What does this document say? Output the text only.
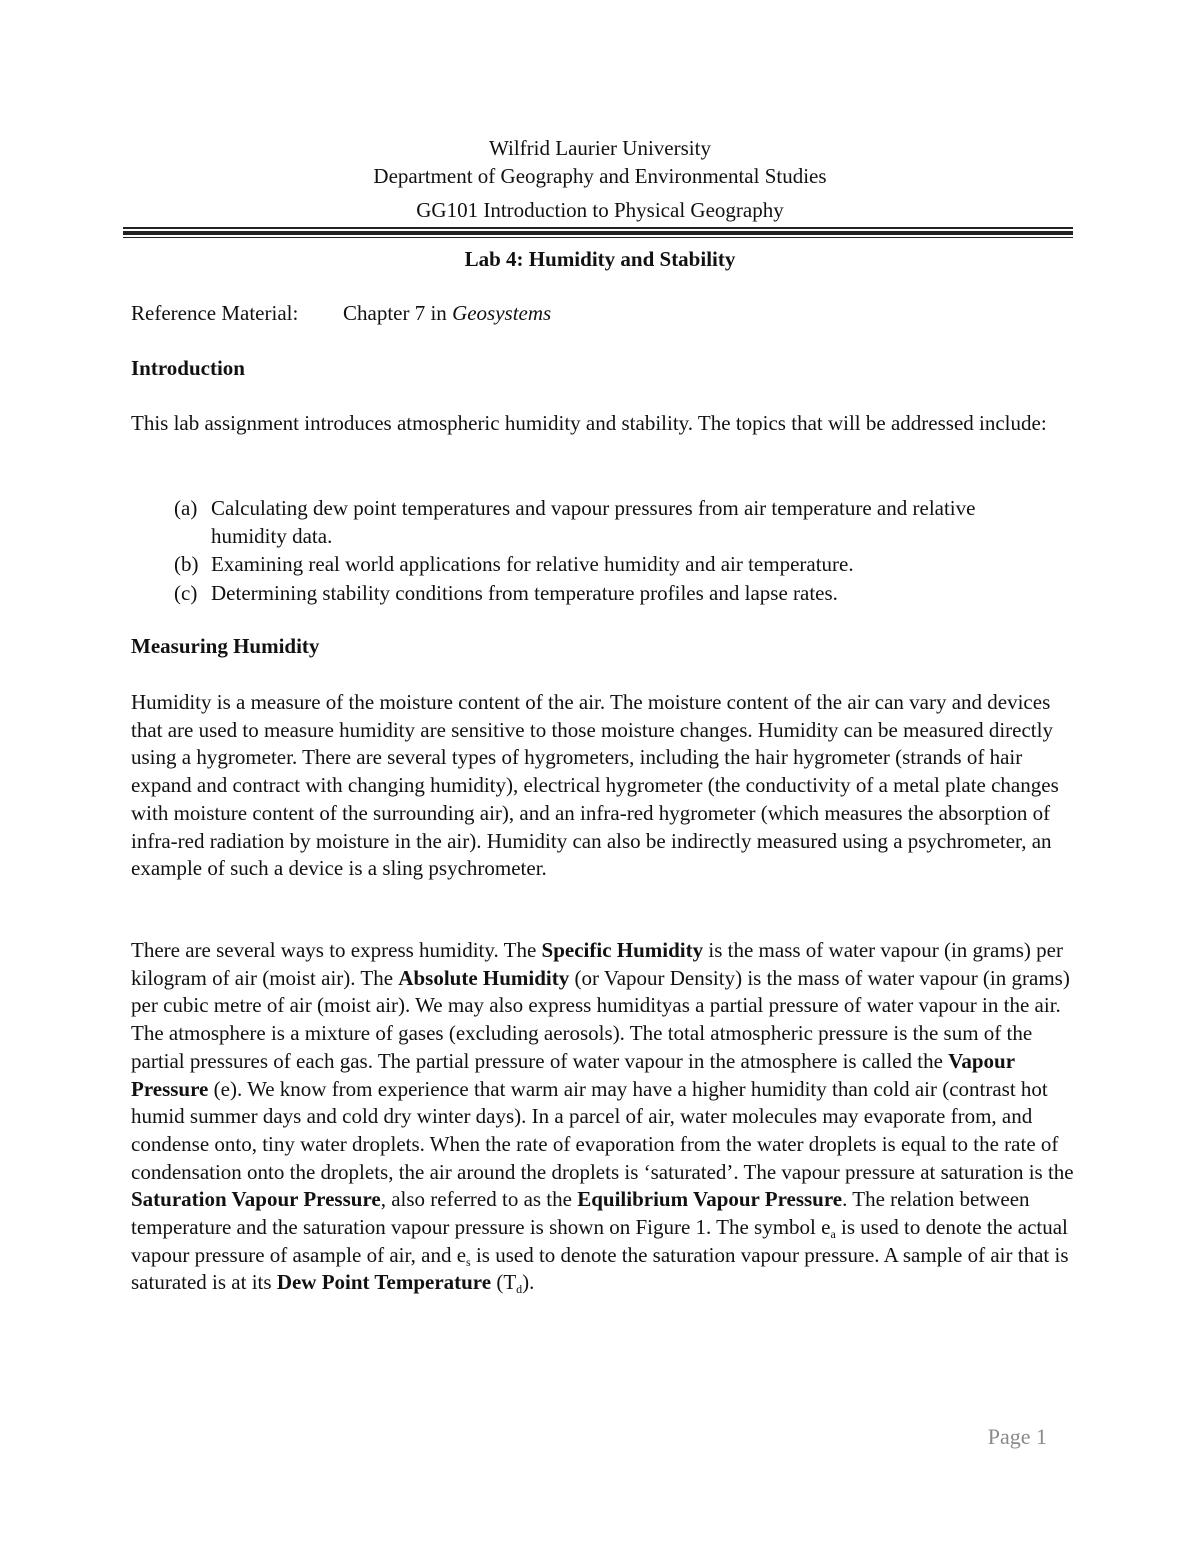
Wilfrid Laurier University
Department of Geography and Environmental Studies
GG101 Introduction to Physical Geography
Lab 4: Humidity and Stability
Reference Material: Chapter 7 in Geosystems
Introduction

This lab assignment introduces atmospheric humidity and stability. The topics that will be addressed include:

(a) Calculating dew point temperatures and vapour pressures from air temperature and relative humidity data.
(b) Examining real world applications for relative humidity and air temperature.
(c) Determining stability conditions from temperature profiles and lapse rates.
Measuring Humidity

Humidity is a measure of the moisture content of the air. The moisture content of the air can vary and devices that are used to measure humidity are sensitive to those moisture changes. Humidity can be measured directly using a hygrometer. There are several types of hygrometers, including the hair hygrometer (strands of hair expand and contract with changing humidity), electrical hygrometer (the conductivity of a metal plate changes with moisture content of the surrounding air), and an infra-red hygrometer (which measures the absorption of infra-red radiation by moisture in the air). Humidity can also be indirectly measured using a psychrometer, an example of such a device is a sling psychrometer.

There are several ways to express humidity. The Specific Humidity is the mass of water vapour (in grams) per kilogram of air (moist air). The Absolute Humidity (or Vapour Density) is the mass of water vapour (in grams) per cubic metre of air (moist air). We may also express humidityas a partial pressure of water vapour in the air. The atmosphere is a mixture of gases (excluding aerosols). The total atmospheric pressure is the sum of the partial pressures of each gas. The partial pressure of water vapour in the atmosphere is called the Vapour Pressure (e). We know from experience that warm air may have a higher humidity than cold air (contrast hot humid summer days and cold dry winter days). In a parcel of air, water molecules may evaporate from, and condense onto, tiny water droplets. When the rate of evaporation from the water droplets is equal to the rate of condensation onto the droplets, the air around the droplets is ‘saturated’. The vapour pressure at saturation is the Saturation Vapour Pressure, also referred to as the Equilibrium Vapour Pressure. The relation between temperature and the saturation vapour pressure is shown on Figure 1. The symbol $e_a$ is used to denote the actual vapour pressure of asample of air, and $e_s$ is used to denote the saturation vapour pressure. A sample of air that is saturated is at its Dew Point Temperature $(T_d)$.

Page 1
